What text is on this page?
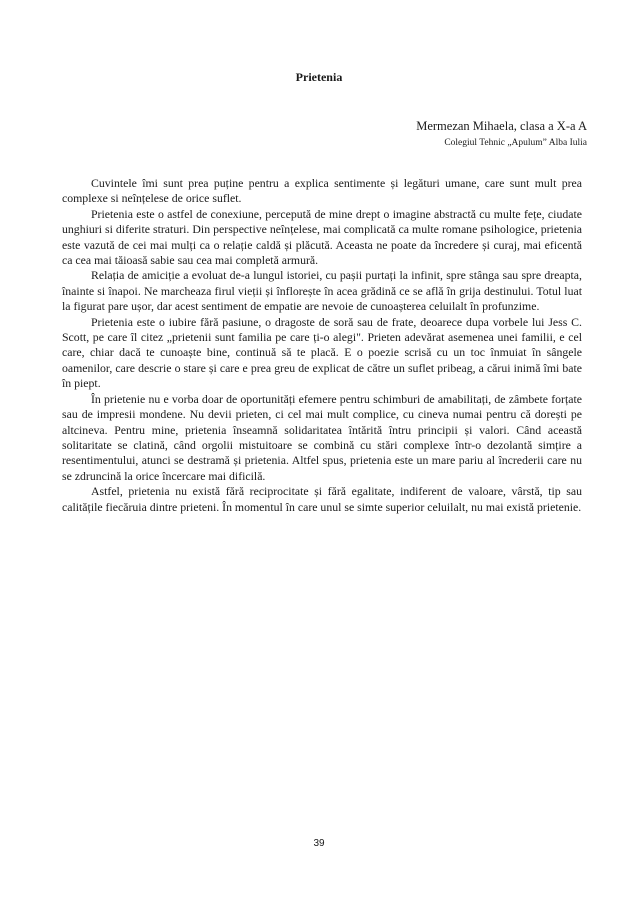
Prietenia
Mermezan Mihaela, clasa a X-a A
Colegiul Tehnic „Apulum” Alba Iulia

Cuvintele îmi sunt prea puține pentru a explica sentimente și legături umane, care sunt mult prea complexe si neînțelese de orice suflet.

Prietenia este o astfel de conexiune, percepută de mine drept o imagine abstractă cu multe fețe, ciudate unghiuri si diferite straturi. Din perspective neînțelese, mai complicată ca multe romane psihologice, prietenia este vazută de cei mai mulți ca o relație caldă și plăcută. Aceasta ne poate da încredere și curaj, mai eficentă ca cea mai tăioasă sabie sau cea mai completă armură.

Relația de amiciție a evoluat de-a lungul istoriei, cu pașii purtați la infinit, spre stânga sau spre dreapta, înainte si înapoi. Ne marcheaza firul vieții și înflorește în acea grădină ce se află în grija destinului. Totul luat la figurat pare ușor, dar acest sentiment de empatie are nevoie de cunoașterea celuilalt în profunzime.

Prietenia este o iubire fără pasiune, o dragoste de soră sau de frate, deoarece dupa vorbele lui Jess C. Scott, pe care îl citez „prietenii sunt familia pe care ți-o alegi". Prieten adevărat asemenea unei familii, e cel care, chiar dacă te cunoaște bine, continuă să te placă. E o poezie scrisă cu un toc înmuiat în sângele oamenilor, care descrie o stare și care e prea greu de explicat de către un suflet pribeag, a cărui inimă îmi bate în piept.

În prietenie nu e vorba doar de oportunități efemere pentru schimburi de amabilitați, de zâmbete forțate sau de impresii mondene. Nu devii prieten, ci cel mai mult complice, cu cineva numai pentru că dorești pe altcineva. Pentru mine, prietenia înseamnă solidaritatea întărită întru principii și valori. Când această solitaritate se clatină, când orgolii mistuitoare se combină cu stări complexe într-o dezolantă simțire a resentimentului, atunci se destramă și prietenia. Altfel spus, prietenia este un mare pariu al încrederii care nu se zdruncină la orice încercare mai dificilă.

Astfel, prietenia nu există fără reciprocitate și fără egalitate, indiferent de valoare, vârstă, tip sau calitățile fiecăruia dintre prieteni. În momentul în care unul se simte superior celuilalt, nu mai există prietenie.

39
